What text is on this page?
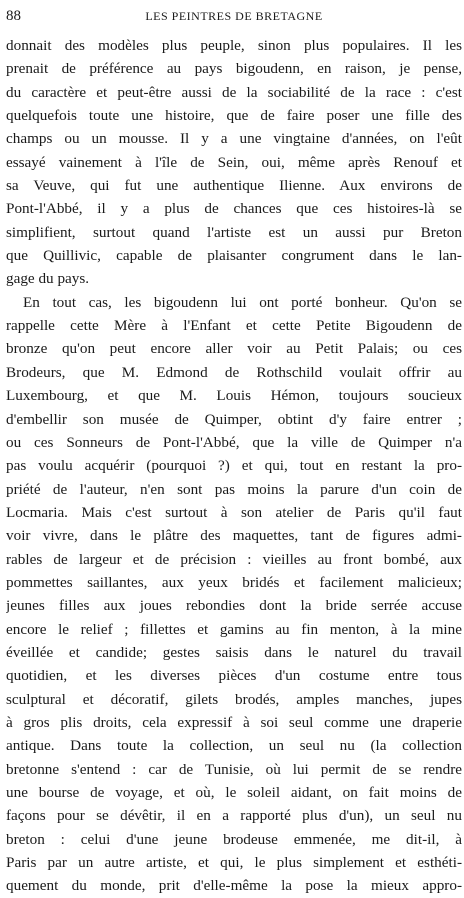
88	LES PEINTRES DE BRETAGNE
donnait des modèles plus peuple, sinon plus populaires. Il les
prenait de préférence au pays bigoudenn, en raison, je pense,
du caractère et peut-être aussi de la sociabilité de la race : c'est
quelquefois toute une histoire, que de faire poser une fille des
champs ou un mousse. Il y a une vingtaine d'années, on l'eût
essayé vainement à l'île de Sein, oui, même après Renouf et
sa Veuve, qui fut une authentique Ilienne. Aux environs de
Pont-l'Abbé, il y a plus de chances que ces histoires-là se
simplifient, surtout quand l'artiste est un aussi pur Breton
que Quillivic, capable de plaisanter congrument dans le lan-
gage du pays.
En tout cas, les bigoudenn lui ont porté bonheur. Qu'on se
rappelle cette Mère à l'Enfant et cette Petite Bigoudenn de
bronze qu'on peut encore aller voir au Petit Palais; ou ces
Brodeurs, que M. Edmond de Rothschild voulait offrir au
Luxembourg, et que M. Louis Hémon, toujours soucieux
d'embellir son musée de Quimper, obtint d'y faire entrer ;
ou ces Sonneurs de Pont-l'Abbé, que la ville de Quimper n'a
pas voulu acquérir (pourquoi ?) et qui, tout en restant la pro-
priété de l'auteur, n'en sont pas moins la parure d'un coin de
Locmaria. Mais c'est surtout à son atelier de Paris qu'il faut
voir vivre, dans le plâtre des maquettes, tant de figures admi-
rables de largeur et de précision : vieilles au front bombé, aux
pommettes saillantes, aux yeux bridés et facilement malicieux;
jeunes filles aux joues rebondies dont la bride serrée accuse
encore le relief ; fillettes et gamins au fin menton, à la mine
éveillée et candide; gestes saisis dans le naturel du travail
quotidien, et les diverses pièces d'un costume entre tous
sculptural et décoratif, gilets brodés, amples manches, jupes
à gros plis droits, cela expressif à soi seul comme une draperie
antique. Dans toute la collection, un seul nu (la collection
bretonne s'entend : car de Tunisie, où lui permit de se rendre
une bourse de voyage, et où, le soleil aidant, on fait moins de
façons pour se dévêtir, il en a rapporté plus d'un), un seul nu
breton : celui d'une jeune brodeuse emmenée, me dit-il, à
Paris par un autre artiste, et qui, le plus simplement et esthéti-
quement du monde, prit d'elle-même la pose la mieux appro-
